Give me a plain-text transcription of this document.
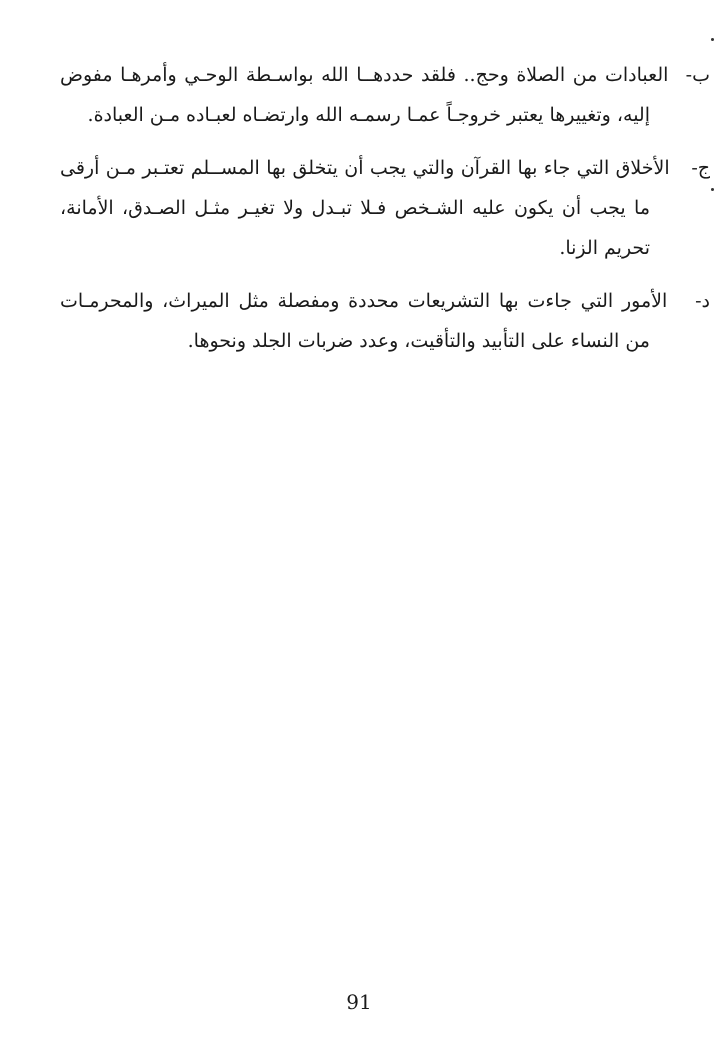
ب- العبادات من الصلاة وحج.. فلقد حددهــا الله بواسـطة الوحـي وأمرهـا مفوض إليه، وتغييرها يعتبر خروجـاً عمـا رسمـه الله وارتضـاه لعبـاده مـن العبادة.

ج- الأخلاق التي جاء بها القرآن والتي يجب أن يتخلق بها المســلم تعتـبر مـن أرقى ما يجب أن يكون عليه الشـخص فـلا تبـدل ولا تغيـر مثـل الصـدق، الأمانة، تحريم الزنا.

د- الأمور التي جاءت بها التشريعات محددة ومفصلة مثل الميراث، والمحرمـات من النساء على التأبيد والتأقيت، وعدد ضربات الجلد ونحوها.

91
